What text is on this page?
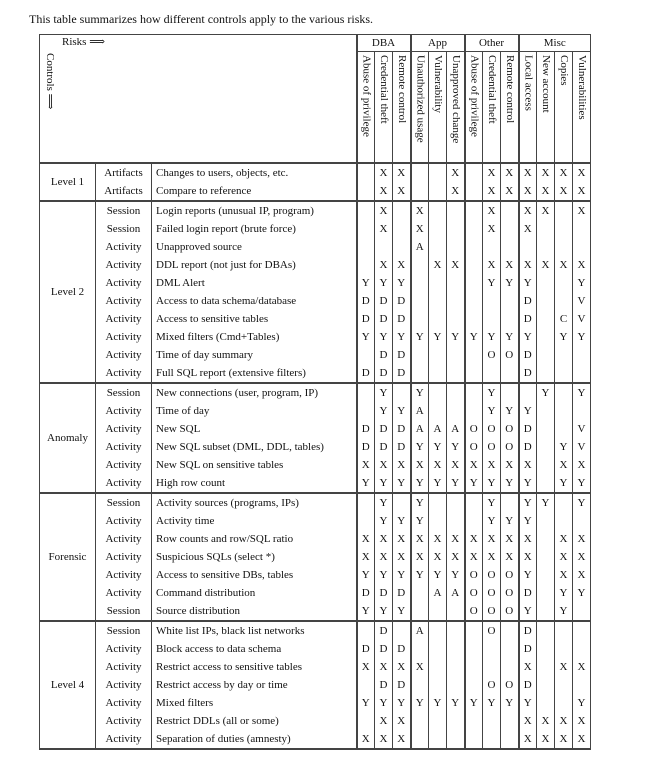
This table summarizes how different controls apply to the various risks.
Risks ⟹
Controls ⟹			DBA			App			Other			Misc			
			Abuse of privilege	Credential theft	Remote control	Unauthorized usage	Vulnerability	Unapproved change	Abuse of privilege	Credential theft	Remote control	Local access	New account	Copies	Vulnerabilities
Level 1	Artifacts	Changes to users, objects, etc.		X	X			X		X	X	X	X	X	X
	Artifacts	Compare to reference		X	X			X		X	X	X	X	X	X
Level 2	Session	Login reports (unusual IP, program)		X		X				X		X	X		X
	Session	Failed login report (brute force)		X		X				X		X			
	Activity	Unapproved source				A									
	Activity	DDL report (not just for DBAs)		X	X		X	X		X	X	X	X	X	X
	Activity	DML Alert	Y	Y	Y					Y	Y	Y			Y
	Activity	Access to data schema/database	D	D	D							D			V
	Activity	Access to sensitive tables	D	D	D							D		C	V
	Activity	Mixed filters (Cmd+Tables)	Y	Y	Y	Y	Y	Y	Y	Y	Y	Y		Y	Y
	Activity	Time of day summary		D	D					O	O	D			
	Activity	Full SQL report (extensive filters)	D	D	D							D			
Anomaly	Session	New connections (user, program, IP)		Y		Y				Y			Y		Y
	Activity	Time of day		Y	Y	A				Y	Y	Y			
	Activity	New SQL	D	D	D	A	A	A	O	O	O	D			V
	Activity	New SQL subset (DML, DDL, tables)	D	D	D	Y	Y	Y	O	O	O	D		Y	V
	Activity	New SQL on sensitive tables	X	X	X	X	X	X	X	X	X	X		X	X
	Activity	High row count	Y	Y	Y	Y	Y	Y	Y	Y	Y	Y		Y	Y
Forensic	Session	Activity sources (programs, IPs)		Y		Y				Y		Y	Y		Y
	Activity	Activity time		Y	Y	Y				Y	Y	Y			
	Activity	Row counts and row/SQL ratio	X	X	X	X	X	X	X	X	X	X		X	X
	Activity	Suspicious SQLs (select *)	X	X	X	X	X	X	X	X	X	X		X	X
	Activity	Access to sensitive DBs, tables	Y	Y	Y	Y	Y	Y	O	O	O	Y		X	X
	Activity	Command distribution	D	D	D		A	A	O	O	O	D		Y	Y
	Session	Source distribution	Y	Y	Y				O	O	O	Y		Y	
Level 4	Session	White list IPs, black list networks		D		A				O		D			
	Activity	Block access to data schema	D	D	D							D			
	Activity	Restrict access to sensitive tables	X	X	X	X						X		X	X
	Activity	Restrict access by day or time		D	D					O	O	D			
	Activity	Mixed filters	Y	Y	Y	Y	Y	Y	Y	Y	Y	Y			Y
	Activity	Restrict DDLs (all or some)		X	X							X	X	X	X
	Activity	Separation of duties (amnesty)	X	X	X							X	X	X	X
